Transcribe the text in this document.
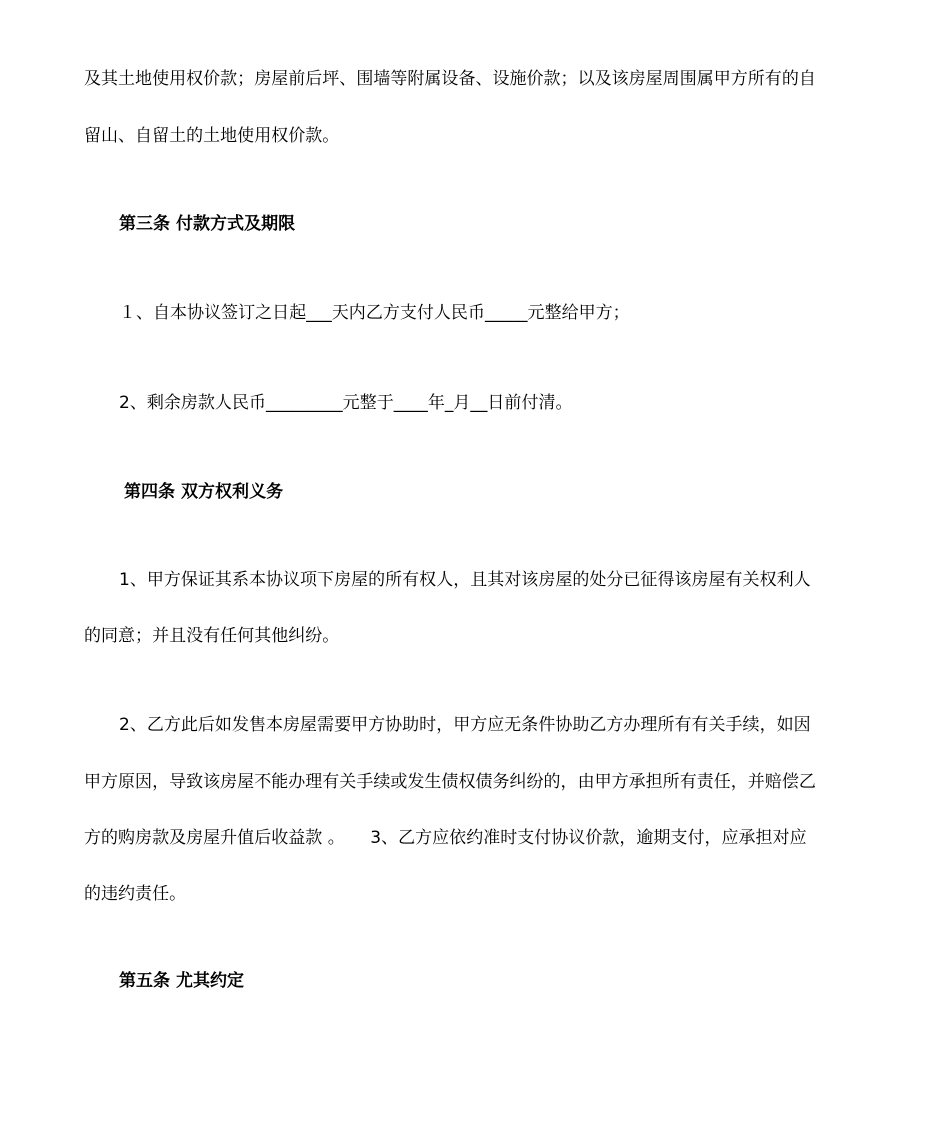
及其土地使用权价款；房屋前后坪、围墙等附属设备、设施价款；以及该房屋周围属甲方所有的自
留山、自留土的土地使用权价款。
第三条 付款方式及期限
１、自本协议签订之日起___天内乙方支付人民币_____元整给甲方；
2、剩余房款人民币_________元整于____年_月__日前付清。
第四条 双方权利义务
1、甲方保证其系本协议项下房屋的所有权人，且其对该房屋的处分已征得该房屋有关权利人
的同意；并且没有任何其他纠纷。
2、乙方此后如发售本房屋需要甲方协助时，甲方应无条件协助乙方办理所有有关手续，如因
甲方原因，导致该房屋不能办理有关手续或发生债权债务纠纷的，由甲方承担所有责任，并赔偿乙
方的购房款及房屋升值后收益款 。　　3、乙方应依约准时支付协议价款，逾期支付，应承担对应
的违约责任。
第五条 尤其约定
